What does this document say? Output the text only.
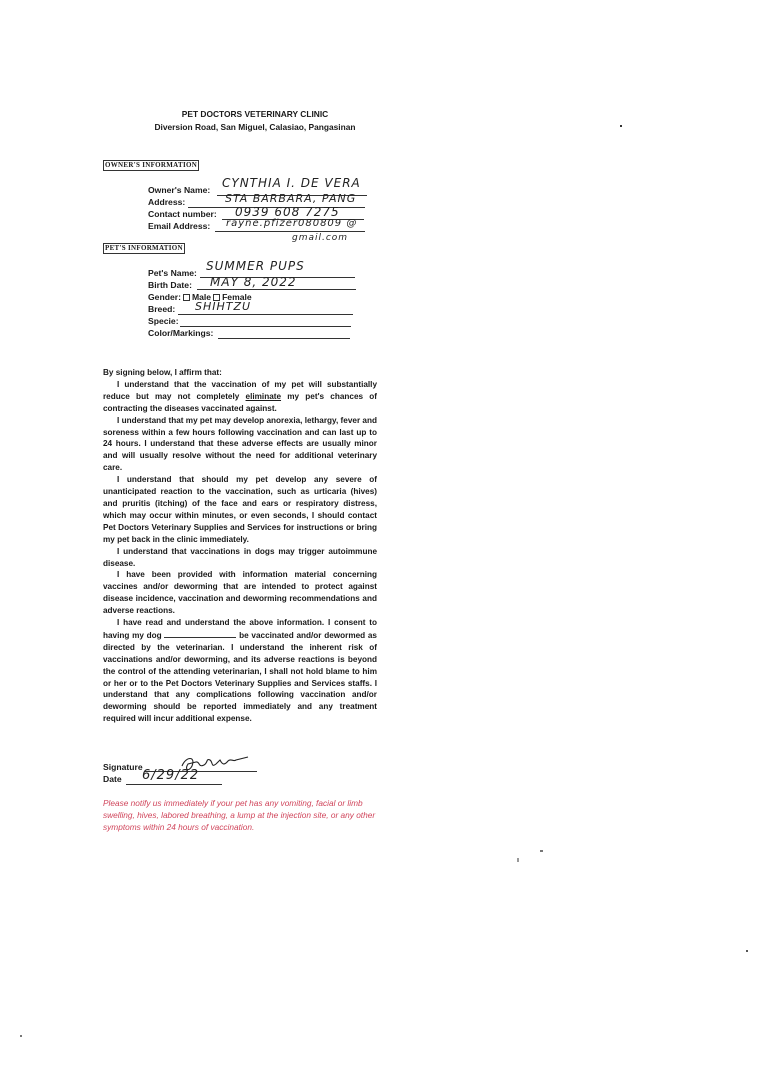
PET DOCTORS VETERINARY CLINIC
Diversion Road, San Miguel, Calasiao, Pangasinan
OWNER'S INFORMATION
Owner's Name: CYNTHIA I. DE VERA
Address:	STA BARBARA, PANG
Contact number: 0939 608 7275
Email Address: rayne.pfizer080809 @
gmail.com
PET'S INFORMATION
Pet's Name: SUMMER PUPS
Birth Date: MAY 8, 2022
Gender: Male Female
Breed: SHIHTZU
Specie:
Color/Markings:

By signing below, I affirm that:

I understand that the vaccination of my pet will substantially reduce but may not completely eliminate my pet's chances of contracting the diseases vaccinated against.

I understand that my pet may develop anorexia, lethargy, fever and soreness within a few hours following vaccination and can last up to 24 hours. I understand that these adverse effects are usually minor and will usually resolve without the need for additional veterinary care.

I understand that should my pet develop any severe of unanticipated reaction to the vaccination, such as urticaria (hives) and pruritis (itching) of the face and ears or respiratory distress, which may occur within minutes, or even seconds, I should contact Pet Doctors Veterinary Supplies and Services for instructions or bring my pet back in the clinic immediately.

I understand that vaccinations in dogs may trigger autoimmune disease.

I have been provided with information material concerning vaccines and/or deworming that are intended to protect against disease incidence, vaccination and deworming recommendations and adverse reactions.

I have read and understand the above information. I consent to having my dog	be vaccinated and/or dewormed as directed by the veterinarian. I understand the inherent risk of vaccinations and/or deworming, and its adverse reactions is beyond the control of the attending veterinarian, I shall not hold blame to him or her or to the Pet Doctors Veterinary Supplies and Services staffs. I understand that any complications following vaccination and/or deworming should be reported immediately and any treatment required will incur additional expense.

Signature
Date 6/29/22
Please notify us immediately if your pet has any vomiting, facial or limb swelling, hives, labored breathing, a lump at the injection site, or any other symptoms within 24 hours of vaccination.
